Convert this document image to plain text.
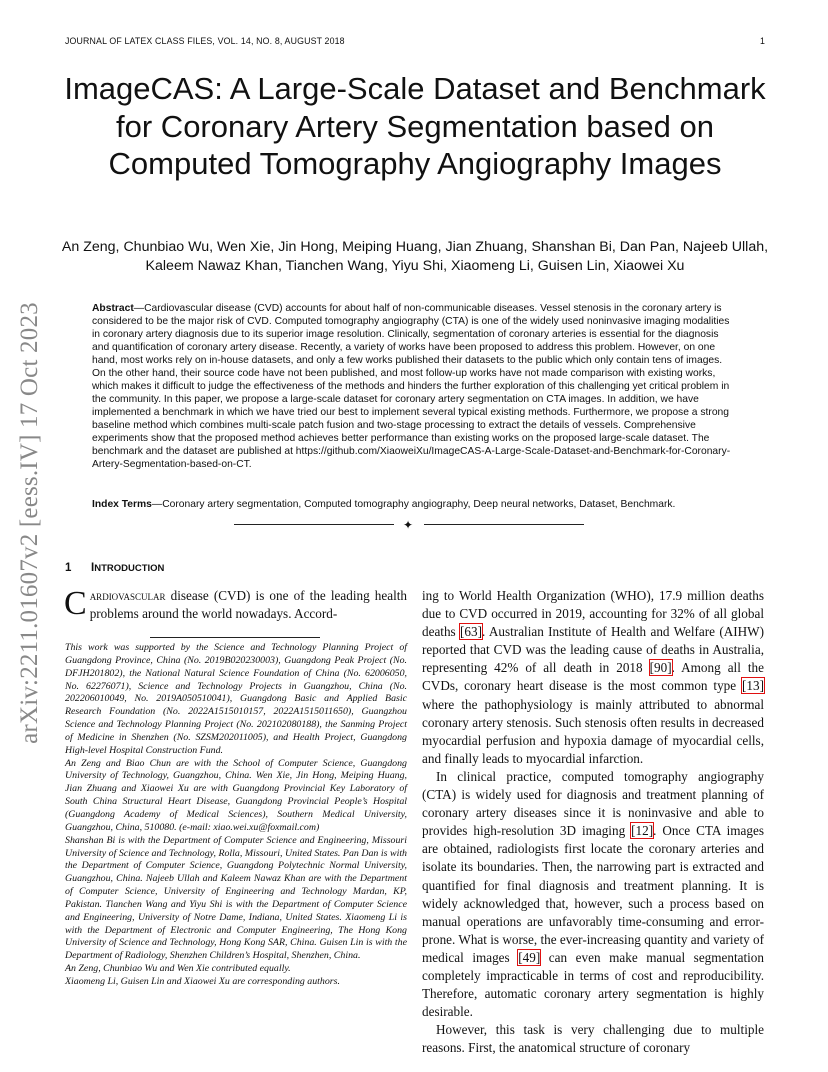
JOURNAL OF LATEX CLASS FILES, VOL. 14, NO. 8, AUGUST 2018	1
ImageCAS: A Large-Scale Dataset and Benchmark for Coronary Artery Segmentation based on Computed Tomography Angiography Images
An Zeng, Chunbiao Wu, Wen Xie, Jin Hong, Meiping Huang, Jian Zhuang, Shanshan Bi, Dan Pan, Najeeb Ullah, Kaleem Nawaz Khan, Tianchen Wang, Yiyu Shi, Xiaomeng Li, Guisen Lin, Xiaowei Xu
Abstract—Cardiovascular disease (CVD) accounts for about half of non-communicable diseases. Vessel stenosis in the coronary artery is considered to be the major risk of CVD. Computed tomography angiography (CTA) is one of the widely used noninvasive imaging modalities in coronary artery diagnosis due to its superior image resolution. Clinically, segmentation of coronary arteries is essential for the diagnosis and quantification of coronary artery disease. Recently, a variety of works have been proposed to address this problem. However, on one hand, most works rely on in-house datasets, and only a few works published their datasets to the public which only contain tens of images. On the other hand, their source code have not been published, and most follow-up works have not made comparison with existing works, which makes it difficult to judge the effectiveness of the methods and hinders the further exploration of this challenging yet critical problem in the community. In this paper, we propose a large-scale dataset for coronary artery segmentation on CTA images. In addition, we have implemented a benchmark in which we have tried our best to implement several typical existing methods. Furthermore, we propose a strong baseline method which combines multi-scale patch fusion and two-stage processing to extract the details of vessels. Comprehensive experiments show that the proposed method achieves better performance than existing works on the proposed large-scale dataset. The benchmark and the dataset are published at https://github.com/XiaoweiXu/ImageCAS-A-Large-Scale-Dataset-and-Benchmark-for-Coronary-Artery-Segmentation-based-on-CT.
Index Terms—Coronary artery segmentation, Computed tomography angiography, Deep neural networks, Dataset, Benchmark.
✦
arXiv:2211.01607v2 [eess.IV] 17 Oct 2023 1 INTRODUCTION
Cardiovascular disease (CVD) is one of the leading health problems around the world nowadays. Accord-

This work was supported by the Science and Technology Planning Project of Guangdong Province, China (No. 2019B020230003), Guangdong Peak Project (No. DFJH201802), the National Natural Science Foundation of China (No. 62006050, No. 62276071), Science and Technology Projects in Guangzhou, China (No. 202206010049, No. 2019A050510041), Guangdong Basic and Applied Basic Research Foundation (No. 2022A1515010157, 2022A1515011650), Guangzhou Science and Technology Planning Project (No. 202102080188), the Sanming Project of Medicine in Shenzhen (No. SZSM202011005), and Health Project, Guangdong High-level Hospital Construction Fund.

An Zeng and Biao Chun are with the School of Computer Science, Guangdong University of Technology, Guangzhou, China. Wen Xie, Jin Hong, Meiping Huang, Jian Zhuang and Xiaowei Xu are with Guangdong Provincial Key Laboratory of South China Structural Heart Disease, Guangdong Provincial People’s Hospital (Guangdong Academy of Medical Sciences), Southern Medical University, Guangzhou, China, 510080. (e-mail: xiao.wei.xu@foxmail.com)

Shanshan Bi is with the Department of Computer Science and Engineering, Missouri University of Science and Technology, Rolla, Missouri, United States. Pan Dan is with the Department of Computer Science, Guangdong Polytechnic Normal University, Guangzhou, China. Najeeb Ullah and Kaleem Nawaz Khan are with the Department of Computer Science, University of Engineering and Technology Mardan, KP, Pakistan. Tianchen Wang and Yiyu Shi is with the Department of Computer Science and Engineering, University of Notre Dame, Indiana, United States. Xiaomeng Li is with the Department of Electronic and Computer Engineering, The Hong Kong University of Science and Technology, Hong Kong SAR, China. Guisen Lin is with the Department of Radiology, Shenzhen Children’s Hospital, Shenzhen, China.

An Zeng, Chunbiao Wu and Wen Xie contributed equally.

Xiaomeng Li, Guisen Lin and Xiaowei Xu are corresponding authors.

ing to World Health Organization (WHO), 17.9 million deaths due to CVD occurred in 2019, accounting for 32% of all global deaths [63]. Australian Institute of Health and Welfare (AIHW) reported that CVD was the leading cause of deaths in Australia, representing 42% of all death in 2018 [90]. Among all the CVDs, coronary heart disease is the most common type [13] where the pathophysiology is mainly attributed to abnormal coronary artery stenosis. Such stenosis often results in decreased myocardial perfusion and hypoxia damage of myocardial cells, and finally leads to myocardial infarction.

In clinical practice, computed tomography angiography (CTA) is widely used for diagnosis and treatment planning of coronary artery diseases since it is noninvasive and able to provides high-resolution 3D imaging [12]. Once CTA images are obtained, radiologists first locate the coronary arteries and isolate its boundaries. Then, the narrowing part is extracted and quantified for final diagnosis and treatment planning. It is widely acknowledged that, however, such a process based on manual operations are unfavorably time-consuming and error-prone. What is worse, the ever-increasing quantity and variety of medical images [49] can even make manual segmentation completely impracticable in terms of cost and reproducibility. Therefore, automatic coronary artery segmentation is highly desirable.

However, this task is very challenging due to multiple reasons. First, the anatomical structure of coronary
